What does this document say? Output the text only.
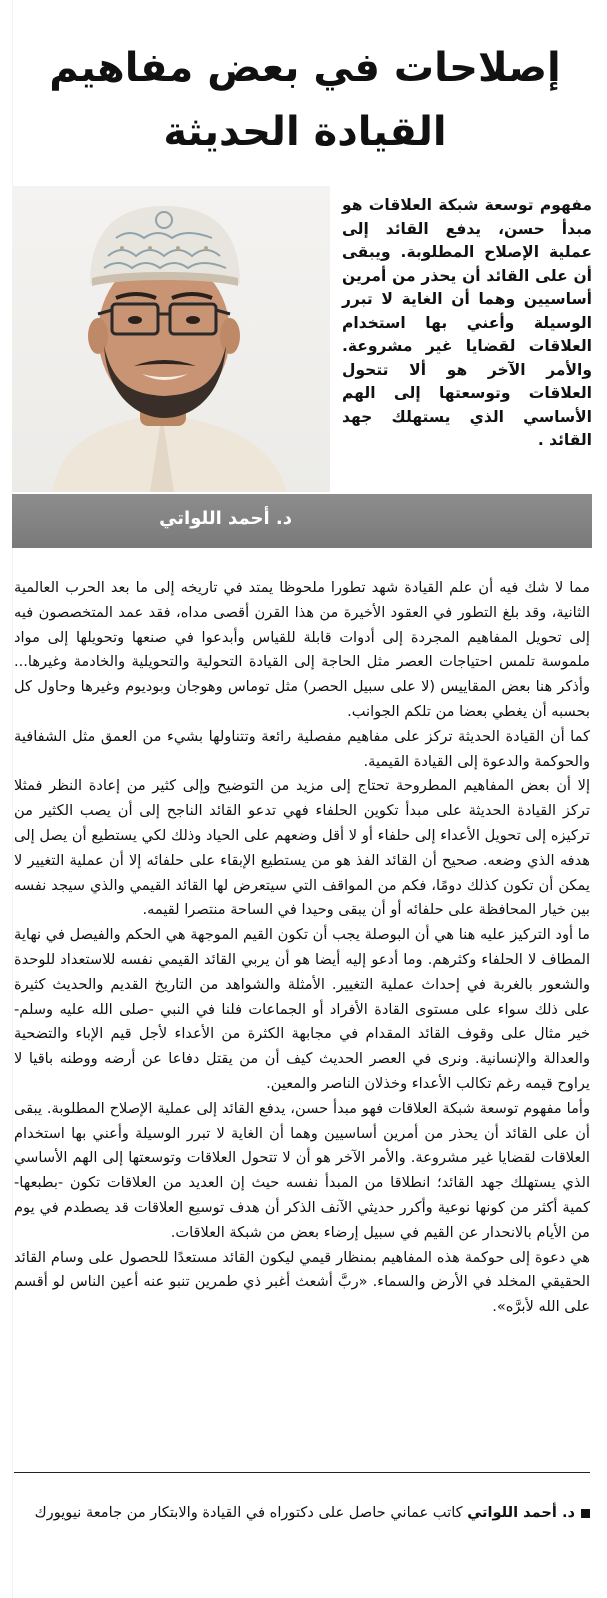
إصلاحات في بعض مفاهيم
القيادة الحديثة
مفهوم توسعة شبكة العلاقات هو مبدأ حسن، يدفع القائد إلى عملية الإصلاح المطلوبة. ويبقى أن على القائد أن يحذر من أمرين أساسيين وهما أن الغاية لا تبرر الوسيلة وأعني بها استخدام العلاقات لقضايا غير مشروعة. والأمر الآخر هو ألا تتحول العلاقات وتوسعتها إلى الهم الأساسي الذي يستهلك جهد القائد .
د. أحمد اللواتي

مما لا شك فيه أن علم القيادة شهد تطورا ملحوظا يمتد في تاريخه إلى ما بعد الحرب العالمية الثانية، وقد بلغ التطور في العقود الأخيرة من هذا القرن أقصى مداه، فقد عمد المتخصصون فيه إلى تحويل المفاهيم المجردة إلى أدوات قابلة للقياس وأبدعوا في صنعها وتحويلها إلى مواد ملموسة تلمس احتياجات العصر مثل الحاجة إلى القيادة التحولية والتحويلية والخادمة وغيرها... وأذكر هنا بعض المقاييس (لا على سبيل الحصر) مثل توماس وهوجان وبوديوم وغيرها وحاول كل بحسبه أن يغطي بعضا من تلكم الجوانب.

كما أن القيادة الحديثة تركز على مفاهيم مفصلية رائعة وتتناولها بشيء من العمق مثل الشفافية والحوكمة والدعوة إلى القيادة القيمية.

إلا أن بعض المفاهيم المطروحة تحتاج إلى مزيد من التوضيح وإلى كثير من إعادة النظر فمثلا تركز القيادة الحديثة على مبدأ تكوين الحلفاء فهي تدعو القائد الناجح إلى أن يصب الكثير من تركيزه إلى تحويل الأعداء إلى حلفاء أو لا أقل وضعهم على الحياد وذلك لكي يستطيع أن يصل إلى هدفه الذي وضعه. صحيح أن القائد الفذ هو من يستطيع الإبقاء على حلفائه إلا أن عملية التغيير لا يمكن أن تكون كذلك دومًا، فكم من المواقف التي سيتعرض لها القائد القيمي والذي سيجد نفسه بين خيار المحافظة على حلفائه أو أن يبقى وحيدا في الساحة منتصرا لقيمه.

ما أود التركيز عليه هنا هي أن البوصلة يجب أن تكون القيم الموجهة هي الحكم والفيصل في نهاية المطاف لا الحلفاء وكثرهم. وما أدعو إليه أيضا هو أن يربي القائد القيمي نفسه للاستعداد للوحدة والشعور بالغربة في إحداث عملية التغيير. الأمثلة والشواهد من التاريخ القديم والحديث كثيرة على ذلك سواء على مستوى القادة الأفراد أو الجماعات فلنا في النبي -صلى الله عليه وسلم- خير مثال على وقوف القائد المقدام في مجابهة الكثرة من الأعداء لأجل قيم الإباء والتضحية والعدالة والإنسانية. ونرى في العصر الحديث كيف أن من يقتل دفاعا عن أرضه ووطنه باقيا لا يراوح قيمه رغم تكالب الأعداء وخذلان الناصر والمعين.

وأما مفهوم توسعة شبكة العلاقات فهو مبدأ حسن، يدفع القائد إلى عملية الإصلاح المطلوبة. يبقى أن على القائد أن يحذر من أمرين أساسيين وهما أن الغاية لا تبرر الوسيلة وأعني بها استخدام العلاقات لقضايا غير مشروعة. والأمر الآخر هو أن لا تتحول العلاقات وتوسعتها إلى الهم الأساسي الذي يستهلك جهد القائد؛ انطلاقا من المبدأ نفسه حيث إن العديد من العلاقات تكون -بطبعها- كمية أكثر من كونها نوعية وأكرر حديثي الآنف الذكر أن هدف توسيع العلاقات قد يصطدم في يوم من الأيام بالانحدار عن القيم في سبيل إرضاء بعض من شبكة العلاقات.

هي دعوة إلى حوكمة هذه المفاهيم بمنظار قيمي ليكون القائد مستعدًا للحصول على وسام القائد الحقيقي المخلد في الأرض والسماء. «ربَّ أشعث أغبر ذي طمرين تنبو عنه أعين الناس لو أقسم على الله لأبرَّه».

د. أحمد اللواتي كاتب عماني حاصل على دكتوراه في القيادة والابتكار من جامعة نيويورك
